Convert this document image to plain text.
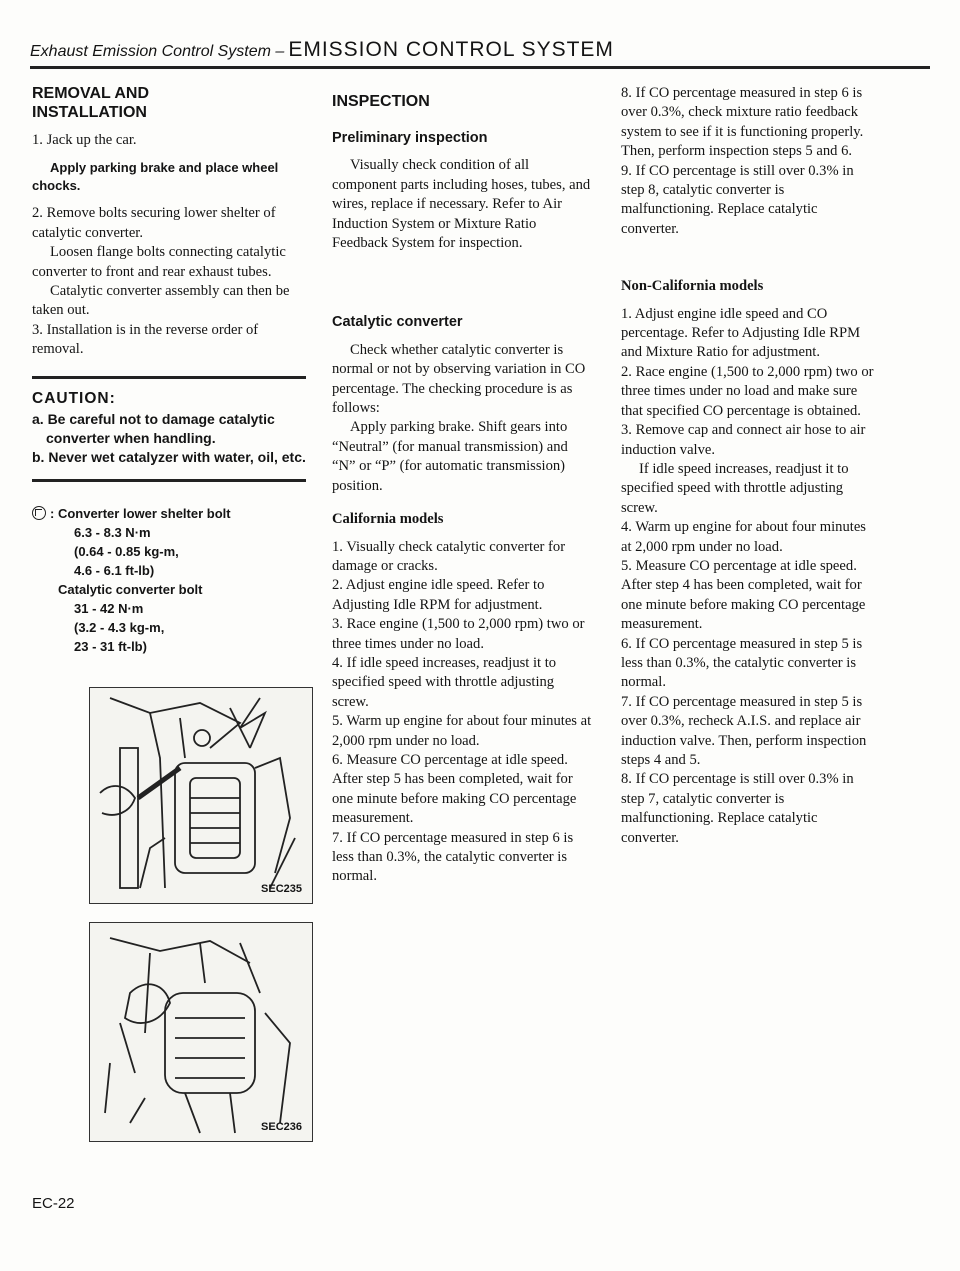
Exhaust Emission Control System – EMISSION CONTROL SYSTEM

REMOVAL AND INSTALLATION

1. Jack up the car.

Apply parking brake and place wheel chocks.

2. Remove bolts securing lower shelter of catalytic converter.

Loosen flange bolts connecting catalytic converter to front and rear exhaust tubes.

Catalytic converter assembly can then be taken out.

3. Installation is in the reverse order of removal.

CAUTION:

a. Be careful not to damage catalytic converter when handling.

b. Never wet catalyzer with water, oil, etc.

: Converter lower shelter bolt

6.3 - 8.3 N·m

(0.64 - 0.85 kg-m,

4.6 - 6.1 ft-lb)

Catalytic converter bolt

31 - 42 N·m

(3.2 - 4.3 kg-m,

23 - 31 ft-lb)

SEC235
SEC236

INSPECTION

Preliminary inspection

Visually check condition of all component parts including hoses, tubes, and wires, replace if necessary. Refer to Air Induction System or Mixture Ratio Feedback System for inspection.

Catalytic converter

Check whether catalytic converter is normal or not by observing variation in CO percentage. The checking procedure is as follows:

Apply parking brake. Shift gears into “Neutral” (for manual transmission) and “N” or “P” (for automatic transmission) position.

California models

1. Visually check catalytic converter for damage or cracks.

2. Adjust engine idle speed. Refer to Adjusting Idle RPM for adjustment.

3. Race engine (1,500 to 2,000 rpm) two or three times under no load.

4. If idle speed increases, readjust it to specified speed with throttle adjusting screw.

5. Warm up engine for about four minutes at 2,000 rpm under no load.

6. Measure CO percentage at idle speed. After step 5 has been completed, wait for one minute before making CO percentage measurement.

7. If CO percentage measured in step 6 is less than 0.3%, the catalytic converter is normal.

8. If CO percentage measured in step 6 is over 0.3%, check mixture ratio feedback system to see if it is functioning properly. Then, perform inspection steps 5 and 6.

9. If CO percentage is still over 0.3% in step 8, catalytic converter is malfunctioning. Replace catalytic converter.

Non-California models

1. Adjust engine idle speed and CO percentage. Refer to Adjusting Idle RPM and Mixture Ratio for adjustment.

2. Race engine (1,500 to 2,000 rpm) two or three times under no load and make sure that specified CO percentage is obtained.

3. Remove cap and connect air hose to air induction valve.

If idle speed increases, readjust it to specified speed with throttle adjusting screw.

4. Warm up engine for about four minutes at 2,000 rpm under no load.

5. Measure CO percentage at idle speed. After step 4 has been completed, wait for one minute before making CO percentage measurement.

6. If CO percentage measured in step 5 is less than 0.3%, the catalytic converter is normal.

7. If CO percentage measured in step 5 is over 0.3%, recheck A.I.S. and replace air induction valve. Then, perform inspection steps 4 and 5.

8. If CO percentage is still over 0.3% in step 7, catalytic converter is malfunctioning. Replace catalytic converter.

EC-22
